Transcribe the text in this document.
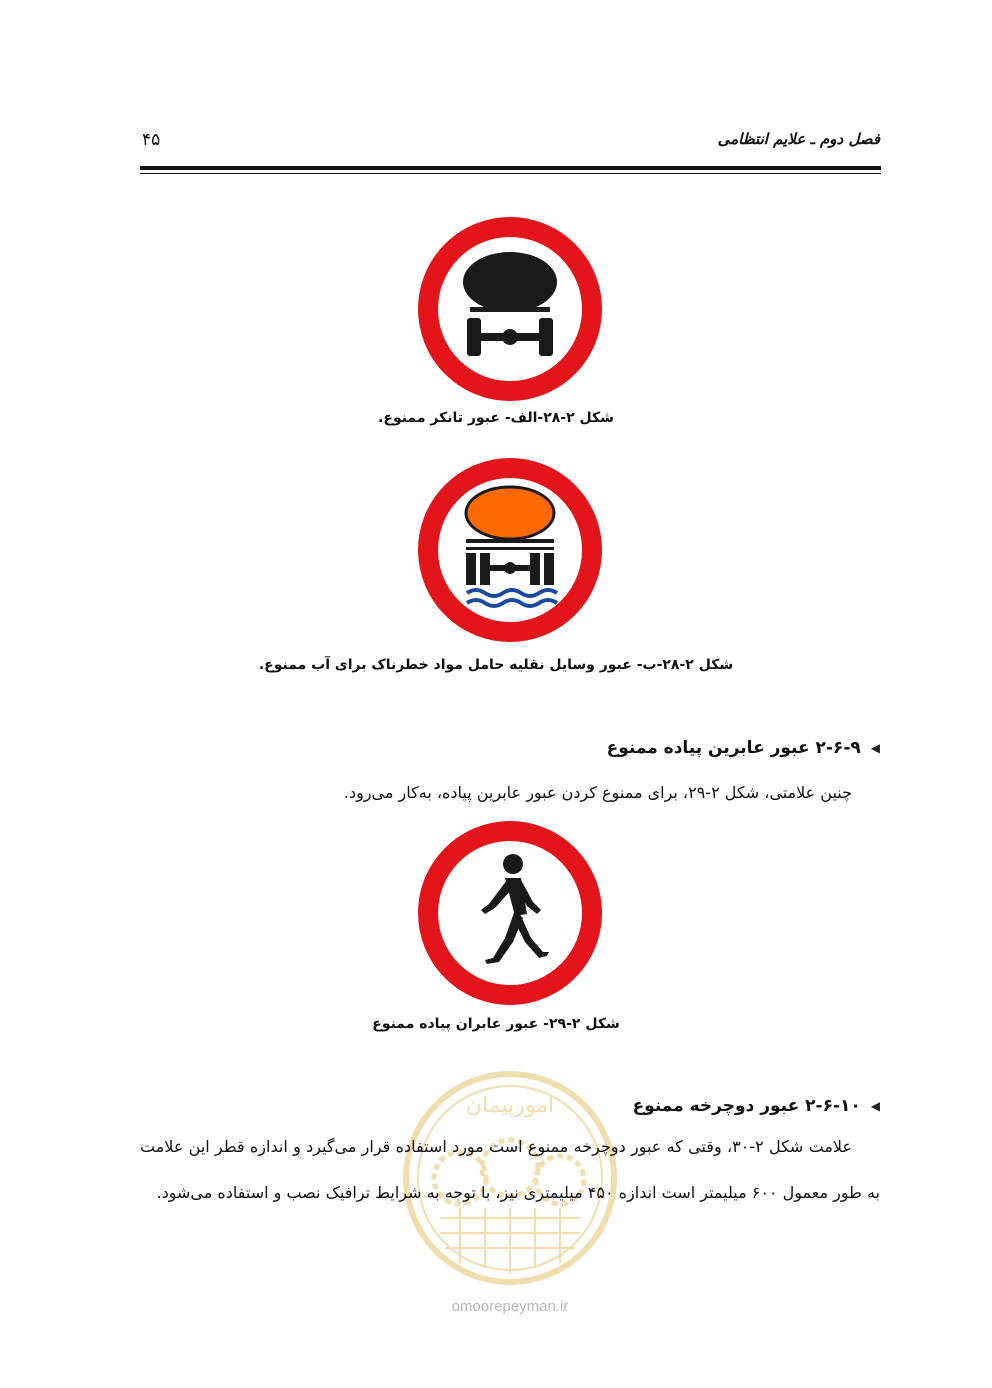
فصل دوم ـ علایم انتظامی
۴۵
شکل ۲-۲۸-الف- عبور تانکر ممنوع.
شکل ۲-۲۸-ب- عبور وسایل نقلیه حامل مواد خطرناک برای آب ممنوع.
◀
۲-۶-۹ عبور عابرین پیاده ممنوع
چنین علامتی، شکل ۲-۲۹، برای ممنوع کردن عبور عابرین پیاده، به‌کار می‌رود.
شکل ۲-۲۹- عبور عابران پیاده ممنوع
امورپیمان	◀
۲-۶-۱۰ عبور دوچرخه ممنوع
علامت شکل ۲-۳۰، وقتی که عبور دوچرخه ممنوع است مورد استفاده قرار می‌گیرد و اندازه قطر این علامت به طور معمول ۶۰۰ میلیمتر است اندازه ۴۵۰ میلیمتری نیز، با توجه به شرایط ترافیک نصب و استفاده می‌شود.
omoorepeyman.ir
